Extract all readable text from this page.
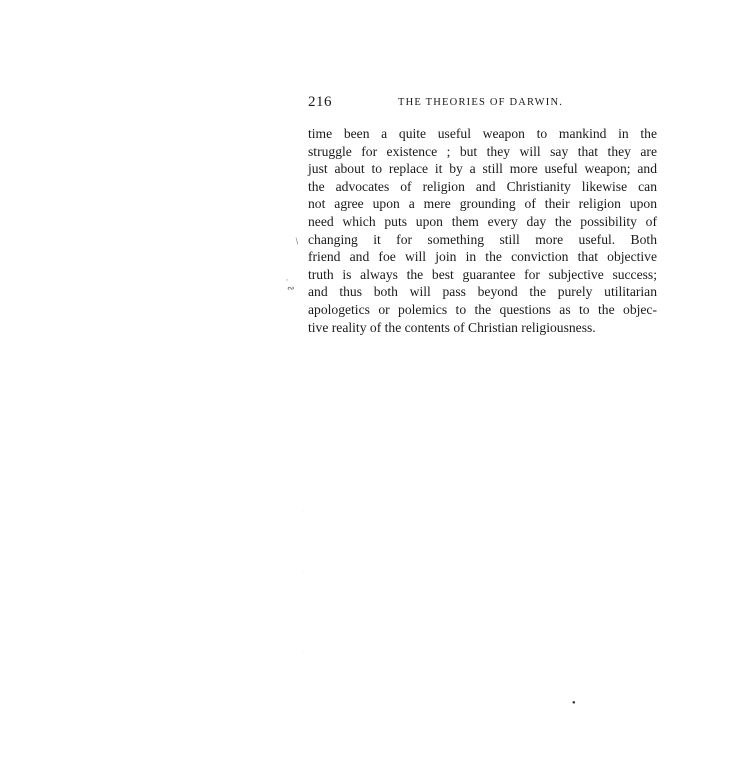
216	THE THEORIES OF DARWIN.

time been a quite useful weapon to mankind in the
struggle for existence ; but they will say that they are
just about to replace it by a still more useful weapon; and
the advocates of religion and Christianity likewise can
not agree upon a mere grounding of their religion upon
need which puts upon them every day the possibility of
changing it for something still more useful. Both
friend and foe will join in the conviction that objective
truth is always the best guarantee for subjective success;
and thus both will pass beyond the purely utilitarian
apologetics or polemics to the questions as to the objec-
tive reality of the contents of Christian religiousness.

/
,
∾
●
·
·
·
